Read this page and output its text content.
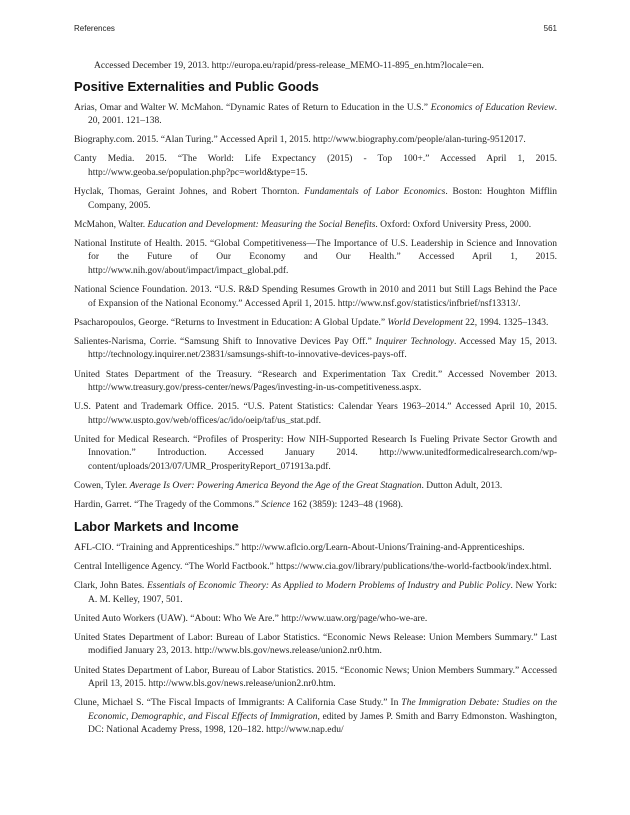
References	561
Accessed December 19, 2013. http://europa.eu/rapid/press-release_MEMO-11-895_en.htm?locale=en.
Positive Externalities and Public Goods

Arias, Omar and Walter W. McMahon. “Dynamic Rates of Return to Education in the U.S.” Economics of Education Review. 20, 2001. 121–138.

Biography.com. 2015. “Alan Turing.” Accessed April 1, 2015. http://www.biography.com/people/alan-turing-9512017.

Canty Media. 2015. “The World: Life Expectancy (2015) - Top 100+.” Accessed April 1, 2015. http://www.geoba.se/population.php?pc=world&type=15.

Hyclak, Thomas, Geraint Johnes, and Robert Thornton. Fundamentals of Labor Economics. Boston: Houghton Mifflin Company, 2005.

McMahon, Walter. Education and Development: Measuring the Social Benefits. Oxford: Oxford University Press, 2000.

National Institute of Health. 2015. “Global Competitiveness—The Importance of U.S. Leadership in Science and Innovation for the Future of Our Economy and Our Health.” Accessed April 1, 2015. http://www.nih.gov/about/impact/impact_global.pdf.

National Science Foundation. 2013. “U.S. R&D Spending Resumes Growth in 2010 and 2011 but Still Lags Behind the Pace of Expansion of the National Economy.” Accessed April 1, 2015. http://www.nsf.gov/statistics/infbrief/nsf13313/.

Psacharopoulos, George. “Returns to Investment in Education: A Global Update.” World Development 22, 1994. 1325–1343.

Salientes-Narisma, Corrie. “Samsung Shift to Innovative Devices Pay Off.” Inquirer Technology. Accessed May 15, 2013. http://technology.inquirer.net/23831/samsungs-shift-to-innovative-devices-pays-off.

United States Department of the Treasury. “Research and Experimentation Tax Credit.” Accessed November 2013. http://www.treasury.gov/press-center/news/Pages/investing-in-us-competitiveness.aspx.

U.S. Patent and Trademark Office. 2015. “U.S. Patent Statistics: Calendar Years 1963–2014.” Accessed April 10, 2015. http://www.uspto.gov/web/offices/ac/ido/oeip/taf/us_stat.pdf.

United for Medical Research. “Profiles of Prosperity: How NIH-Supported Research Is Fueling Private Sector Growth and Innovation.” Introduction. Accessed January 2014. http://www.unitedformedicalresearch.com/wp-content/uploads/2013/07/UMR_ProsperityReport_071913a.pdf.

Cowen, Tyler. Average Is Over: Powering America Beyond the Age of the Great Stagnation. Dutton Adult, 2013.

Hardin, Garret. “The Tragedy of the Commons.” Science 162 (3859): 1243–48 (1968).

Labor Markets and Income

AFL-CIO. “Training and Apprenticeships.” http://www.aflcio.org/Learn-About-Unions/Training-and-Apprenticeships.

Central Intelligence Agency. “The World Factbook.” https://www.cia.gov/library/publications/the-world-factbook/index.html.

Clark, John Bates. Essentials of Economic Theory: As Applied to Modern Problems of Industry and Public Policy. New York: A. M. Kelley, 1907, 501.

United Auto Workers (UAW). “About: Who We Are.” http://www.uaw.org/page/who-we-are.

United States Department of Labor: Bureau of Labor Statistics. “Economic News Release: Union Members Summary.” Last modified January 23, 2013. http://www.bls.gov/news.release/union2.nr0.htm.

United States Department of Labor, Bureau of Labor Statistics. 2015. “Economic News; Union Members Summary.” Accessed April 13, 2015. http://www.bls.gov/news.release/union2.nr0.htm.

Clune, Michael S. “The Fiscal Impacts of Immigrants: A California Case Study.” In The Immigration Debate: Studies on the Economic, Demographic, and Fiscal Effects of Immigration, edited by James P. Smith and Barry Edmonston. Washington, DC: National Academy Press, 1998, 120–182. http://www.nap.edu/
